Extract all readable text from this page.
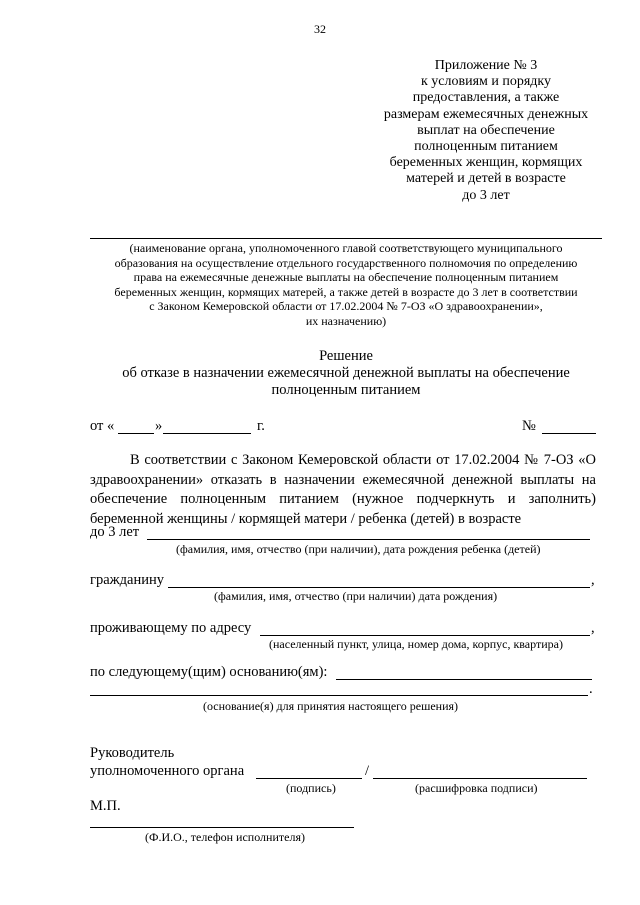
32
Приложение № 3
к условиям и порядку
предоставления, а также
размерам ежемесячных денежных
выплат на обеспечение
полноценным питанием
беременных женщин, кормящих
матерей и детей в возрасте
до 3 лет
(наименование органа, уполномоченного главой соответствующего муниципального
образования на осуществление отдельного государственного полномочия по определению
права на ежемесячные денежные выплаты на обеспечение полноценным питанием
беременных женщин, кормящих матерей, а также детей в возрасте до 3 лет в соответствии
с Законом Кемеровской области от 17.02.2004 № 7-ОЗ «О здравоохранении»,
их назначению)
Решение
об отказе в назначении ежемесячной денежной выплаты на обеспечение
полноценным питанием
от «	»	г.	№
В соответствии с Законом Кемеровской области от 17.02.2004 № 7-ОЗ «О здравоохранении» отказать в назначении ежемесячной денежной выплаты на обеспечение полноценным питанием (нужное подчеркнуть и заполнить) беременной женщины / кормящей матери / ребенка (детей) в возрасте
до 3 лет
(фамилия, имя, отчество (при наличии), дата рождения ребенка (детей)
гражданину	,
(фамилия, имя, отчество (при наличии) дата рождения)
проживающему по адресу	,
(населенный пункт, улица, номер дома, корпус, квартира)
по следующему(щим) основанию(ям):
.
(основание(я) для принятия настоящего решения)
Руководитель
уполномоченного органа	/
(подпись)	(расшифровка подписи)
М.П.
(Ф.И.О., телефон исполнителя)
